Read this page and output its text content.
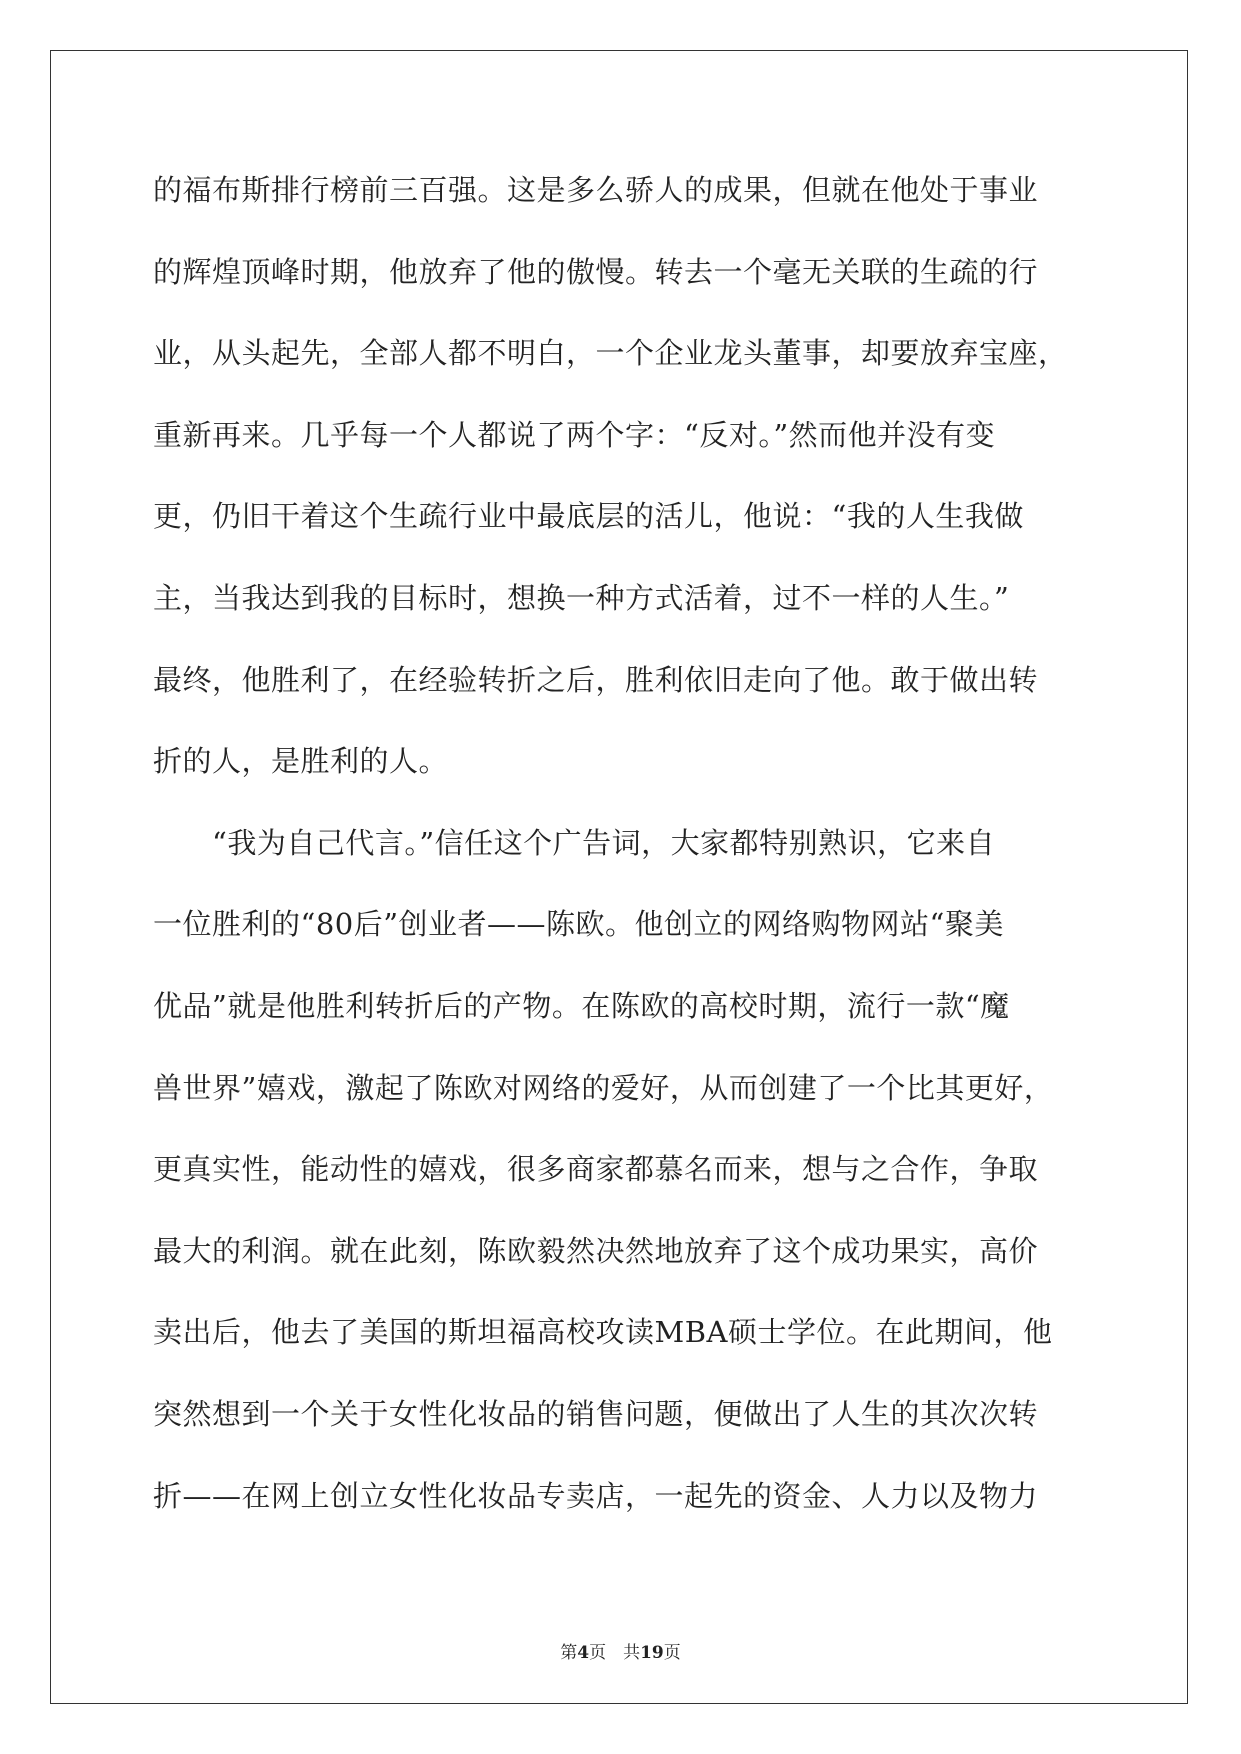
的福布斯排行榜前三百强。这是多么骄人的成果，但就在他处于事业
的辉煌顶峰时期，他放弃了他的傲慢。转去一个毫无关联的生疏的行
业，从头起先，全部人都不明白，一个企业龙头董事，却要放弃宝座，
重新再来。几乎每一个人都说了两个字：“反对。”然而他并没有变
更，仍旧干着这个生疏行业中最底层的活儿，他说：“我的人生我做
主，当我达到我的目标时，想换一种方式活着，过不一样的人生。”
最终，他胜利了，在经验转折之后，胜利依旧走向了他。敢于做出转
折的人，是胜利的人。
　　“我为自己代言。”信任这个广告词，大家都特别熟识，它来自
一位胜利的“80后”创业者——陈欧。他创立的网络购物网站“聚美
优品”就是他胜利转折后的产物。在陈欧的高校时期，流行一款“魔
兽世界”嬉戏，激起了陈欧对网络的爱好，从而创建了一个比其更好，
更真实性，能动性的嬉戏，很多商家都慕名而来，想与之合作，争取
最大的利润。就在此刻，陈欧毅然决然地放弃了这个成功果实，高价
卖出后，他去了美国的斯坦福高校攻读MBA硕士学位。在此期间，他
突然想到一个关于女性化妆品的销售问题，便做出了人生的其次次转
折——在网上创立女性化妆品专卖店，一起先的资金、人力以及物力
第4页　共19页
